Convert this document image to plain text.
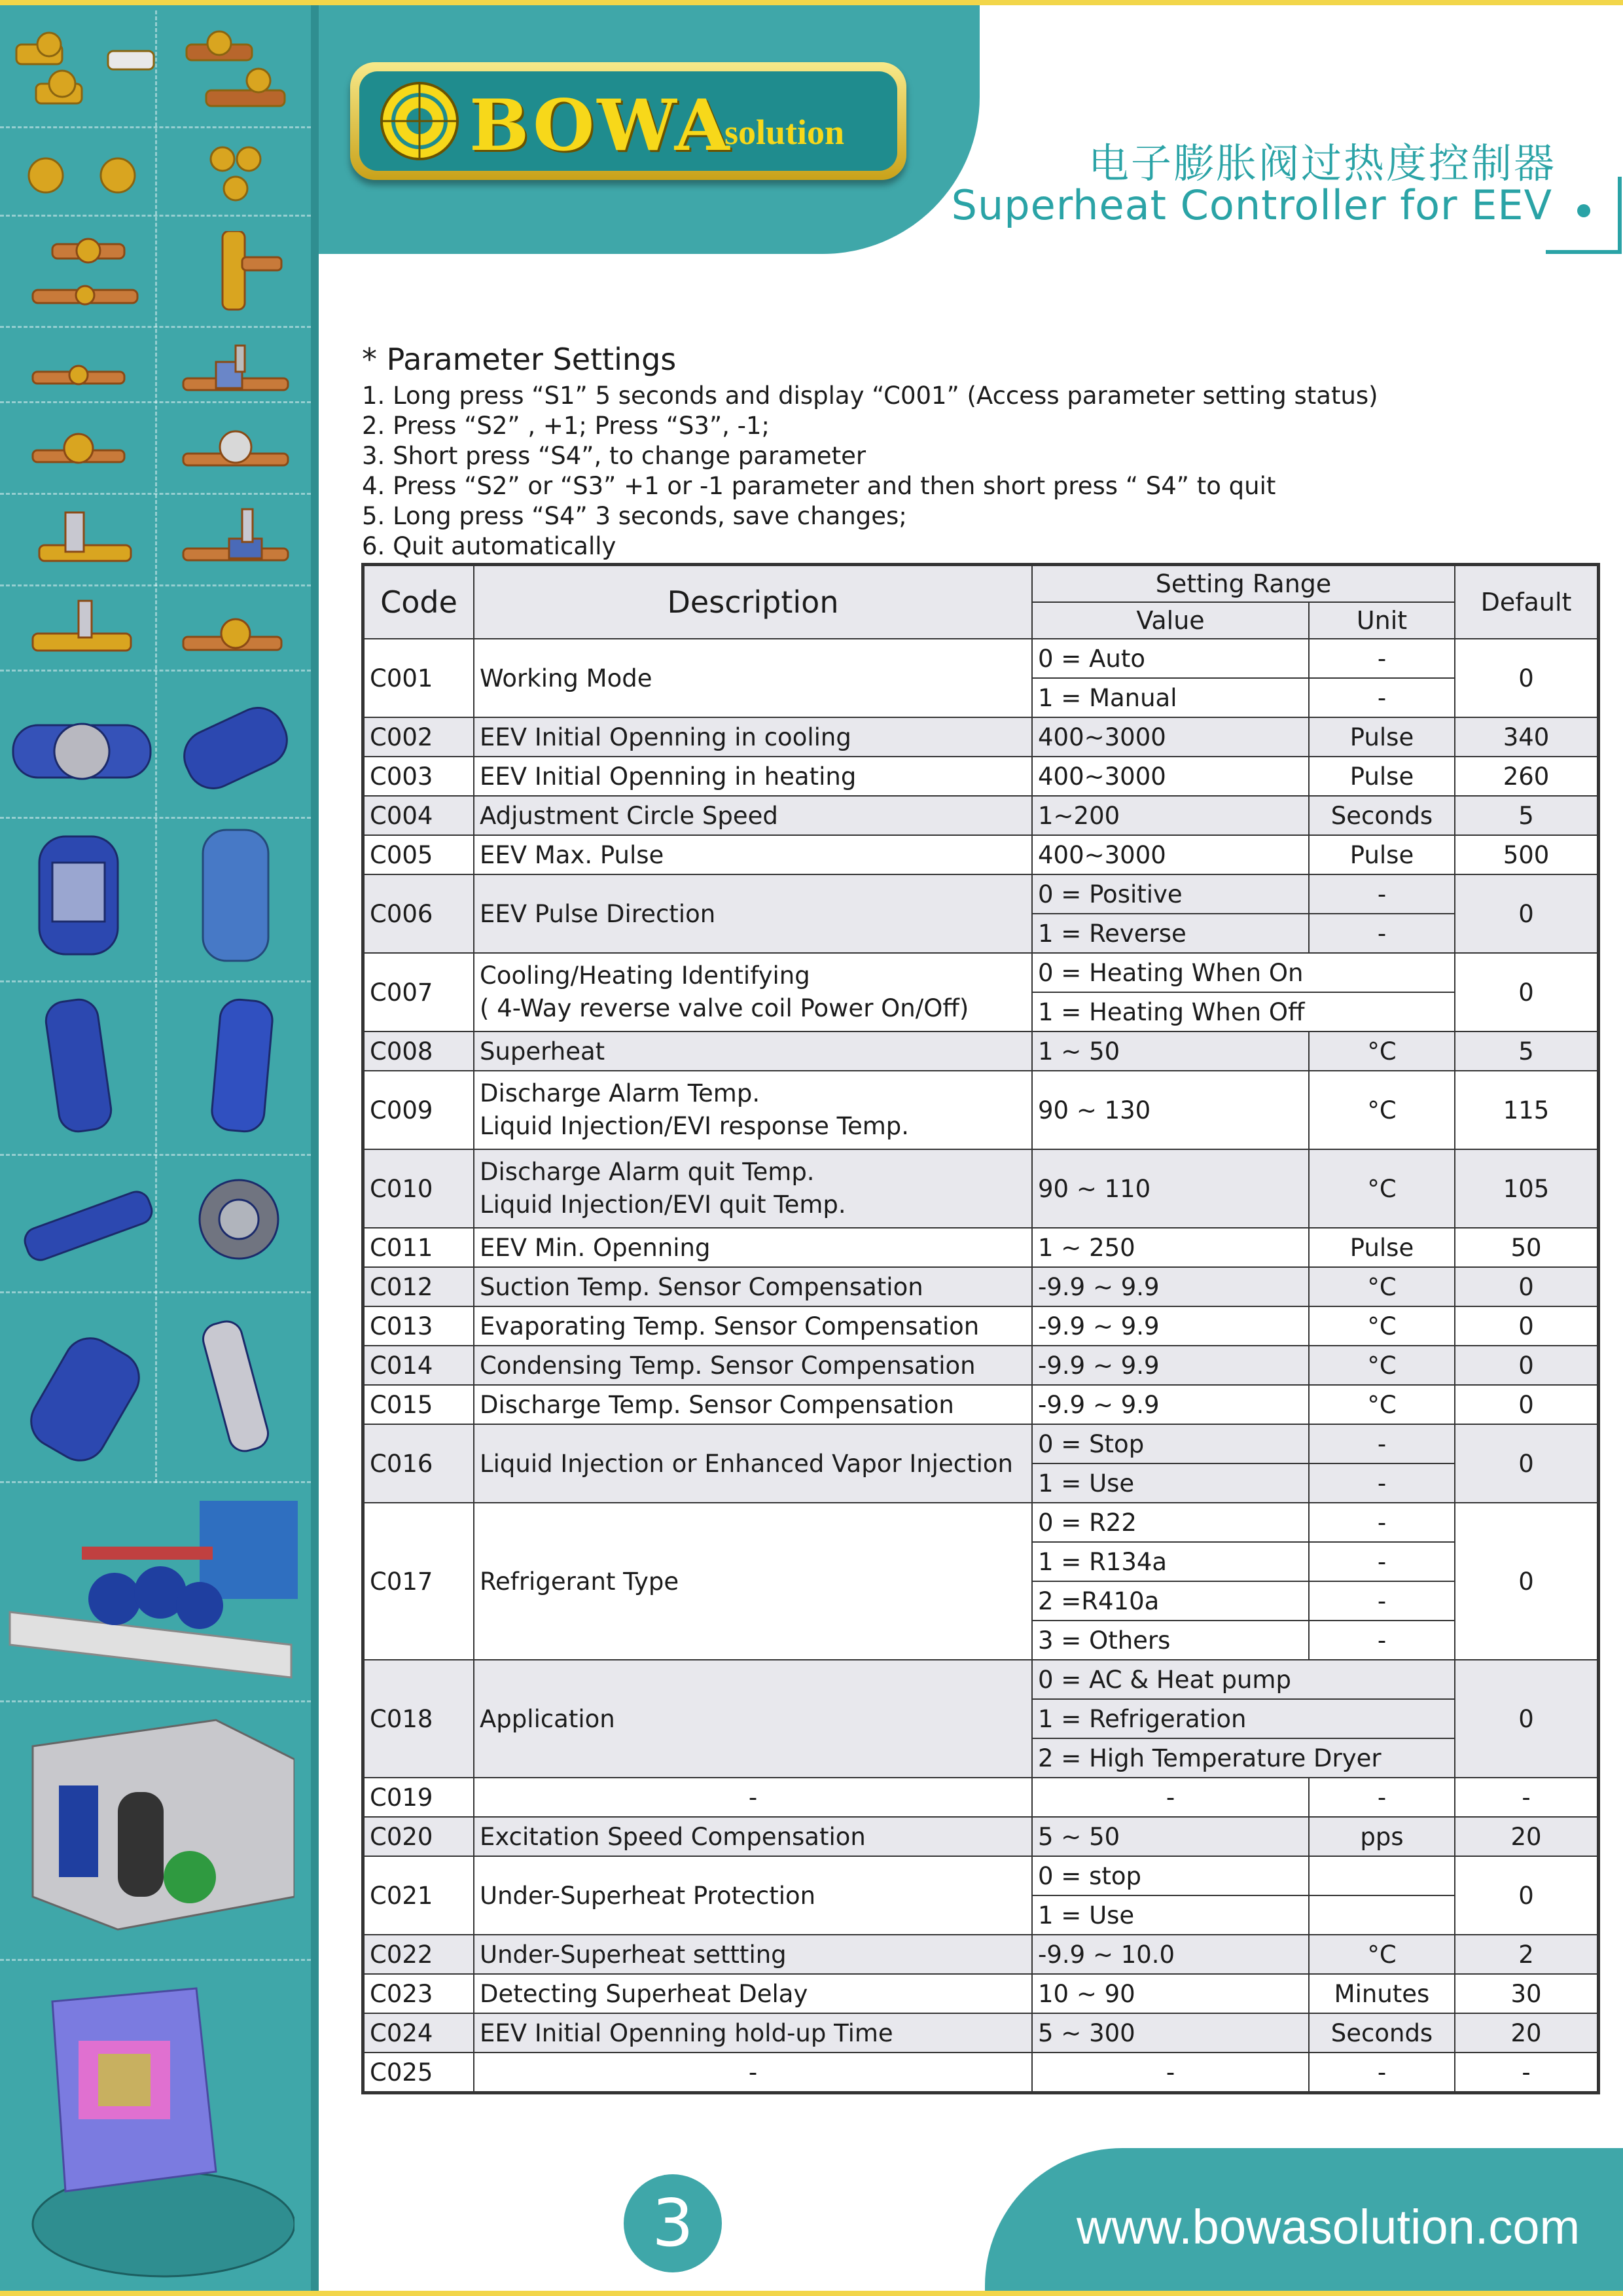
BOWA
solution
电子膨胀阀过热度控制器
Superheat Controller for EEV
* Parameter Settings
1. Long press “S1” 5 seconds and display “C001” (Access parameter setting status)
2. Press “S2” , +1; Press “S3”, -1;
3. Short press “S4”, to change parameter
4. Press “S2” or “S3” +1 or -1 parameter and then short press “ S4” to quit
5. Long press “S4” 3 seconds, save changes;
6. Quit automatically
Code	Description	Setting Range		Default
		Value	Unit	
C001	Working Mode	0 = Auto	-	0
		1 = Manual	-	
C002	EEV Initial Openning in cooling	400~3000	Pulse	340
C003	EEV Initial Openning in heating	400~3000	Pulse	260
C004	Adjustment Circle Speed	1~200	Seconds	5
C005	EEV Max. Pulse	400~3000	Pulse	500
C006	EEV Pulse Direction	0 = Positive	-	0
		1 = Reverse	-	
C007	Cooling/Heating Identifying
( 4-Way reverse valve coil Power On/Off)	0 = Heating When On		0
		1 = Heating When Off		
C008	Superheat	1 ~ 50	°C	5
C009	Discharge Alarm Temp.
Liquid Injection/EVI response Temp.	90 ~ 130	°C	115
C010	Discharge Alarm quit Temp.
Liquid Injection/EVI quit Temp.	90 ~ 110	°C	105
C011	EEV Min. Openning	1 ~ 250	Pulse	50
C012	Suction Temp. Sensor Compensation	-9.9 ~ 9.9	°C	0
C013	Evaporating Temp. Sensor Compensation	-9.9 ~ 9.9	°C	0
C014	Condensing Temp. Sensor Compensation	-9.9 ~ 9.9	°C	0
C015	Discharge Temp. Sensor Compensation	-9.9 ~ 9.9	°C	0
C016	Liquid Injection or Enhanced Vapor Injection	0 = Stop	-	0
		1 = Use	-	
C017	Refrigerant Type	0 = R22	-	0
		1 = R134a	-	
		2 =R410a	-	
		3 = Others	-	
C018	Application	0 = AC & Heat pump		0
		1 = Refrigeration		
		2 = High Temperature Dryer		
C019	-	-	-	-
C020	Excitation Speed Compensation	5 ~ 50	pps	20
C021	Under-Superheat Protection	0 = stop		0
		1 = Use		
C022	Under-Superheat settting	-9.9 ~ 10.0	°C	2
C023	Detecting Superheat Delay	10 ~ 90	Minutes	30
C024	EEV Initial Openning hold-up Time	5 ~ 300	Seconds	20
C025	-	-	-	-
3	www.bowasolution.com
